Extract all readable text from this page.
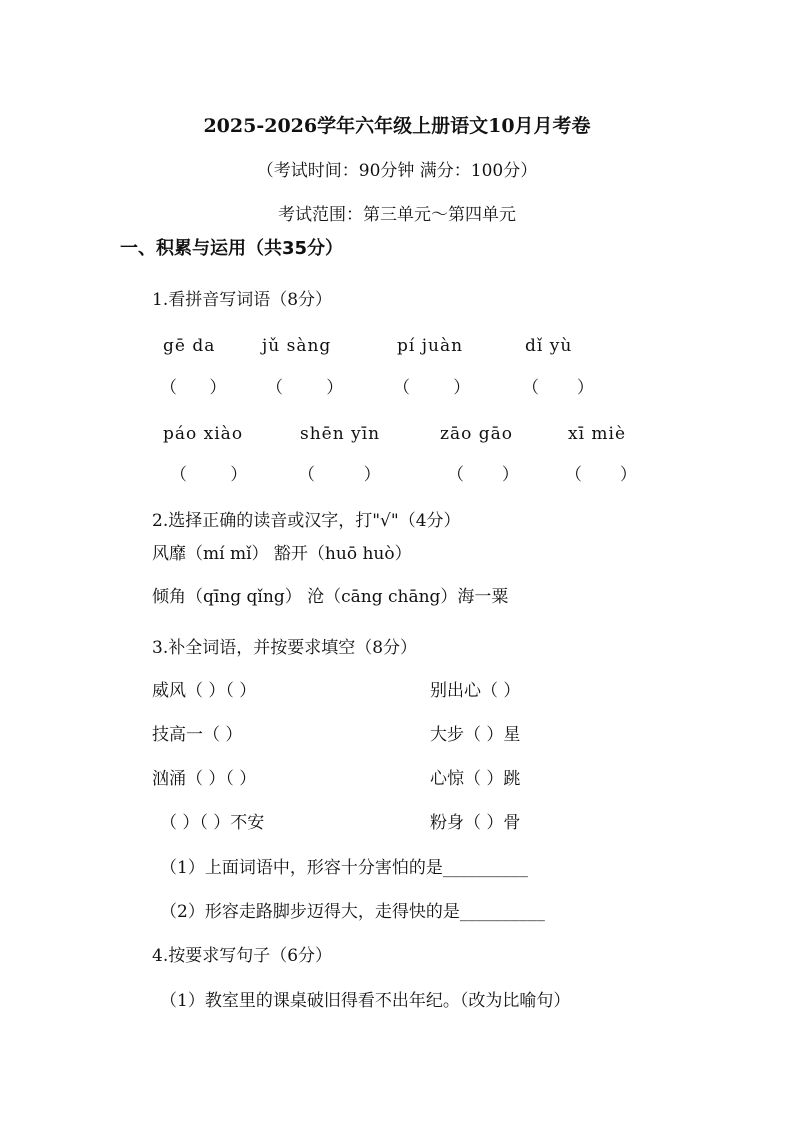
2025-2026学年六年级上册语文10月月考卷
（考试时间：90分钟 满分：100分）
考试范围：第三单元～第四单元
一、积累与运用（共35分）
1.看拼音写词语（8分）
gē da	jǔ sàng	pí juàn	dǐ yù
（      ） （        ）	（        ）	（       ）
páo xiào	shēn yīn	zāo gāo	xī miè
（        ）	（         ）	（       ）	（       ）
2.选择正确的读音或汉字，打"√"（4分）
风靡（mí mǐ） 豁开（huō huò）
倾角（qīng qǐng） 沧（cāng chāng）海一粟
3.补全词语，并按要求填空（8分）
威风（ ）（ ）	别出心（ ）
技高一（ ）	大步（ ）星
汹涌（ ）（ ）	心惊（ ）跳
（ ）（ ）不安	粉身（ ）骨
（1）上面词语中，形容十分害怕的是__________
（2）形容走路脚步迈得大，走得快的是__________
4.按要求写句子（6分）
（1）教室里的课桌破旧得看不出年纪。（改为比喻句）
